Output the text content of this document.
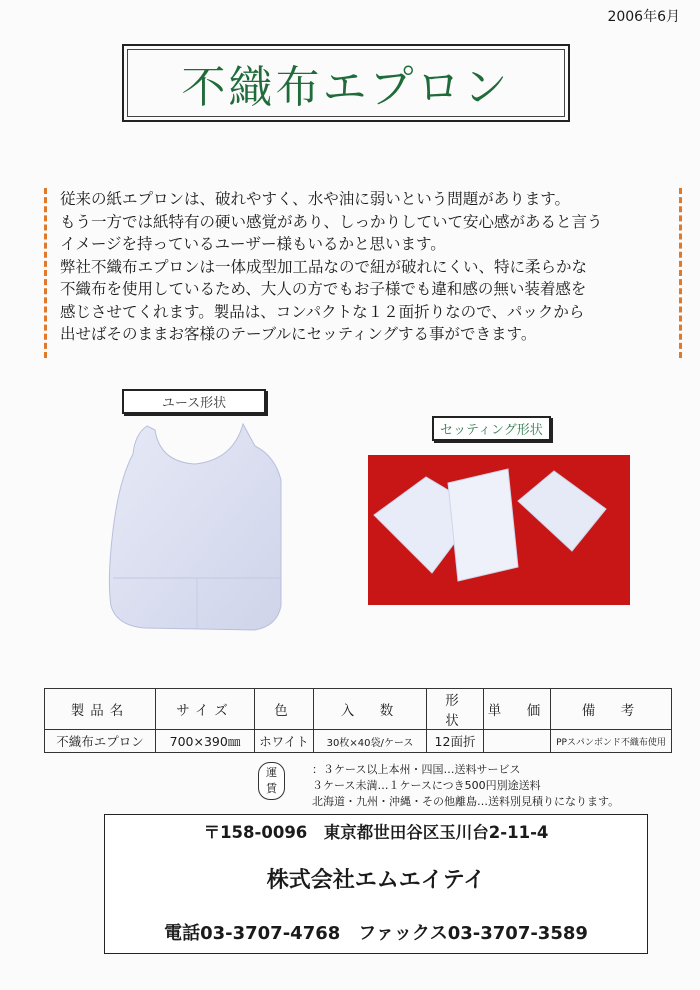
2006年6月
不織布エプロン
従来の紙エプロンは、破れやすく、水や油に弱いという問題があります。
もう一方では紙特有の硬い感覚があり、しっかりしていて安心感があると言う
イメージを持っているユーザー様もいるかと思います。
弊社不織布エプロンは一体成型加工品なので紐が破れにくい、特に柔らかな
不織布を使用しているため、大人の方でもお子様でも違和感の無い装着感を
感じさせてくれます。製品は、コンパクトな１２面折りなので、パックから
出せばそのままお客様のテーブルにセッティングする事ができます。
ユース形状
セッティング形状
製品名	サイズ	色	入　数	形　状	単　価	備　考
不織布エプロン	700×390㎜	ホワイト	30枚×40袋/ケース	12面折		PPスパンボンド不織布使用
運賃
：３ケース以上本州・四国…送料サービス
３ケース未満…１ケースにつき500円別途送料
北海道・九州・沖縄・その他離島…送料別見積りになります。
〒158-0096　東京都世田谷区玉川台2-11-4
株式会社エムエイテイ
電話03-3707-4768　ファックス03-3707-3589
